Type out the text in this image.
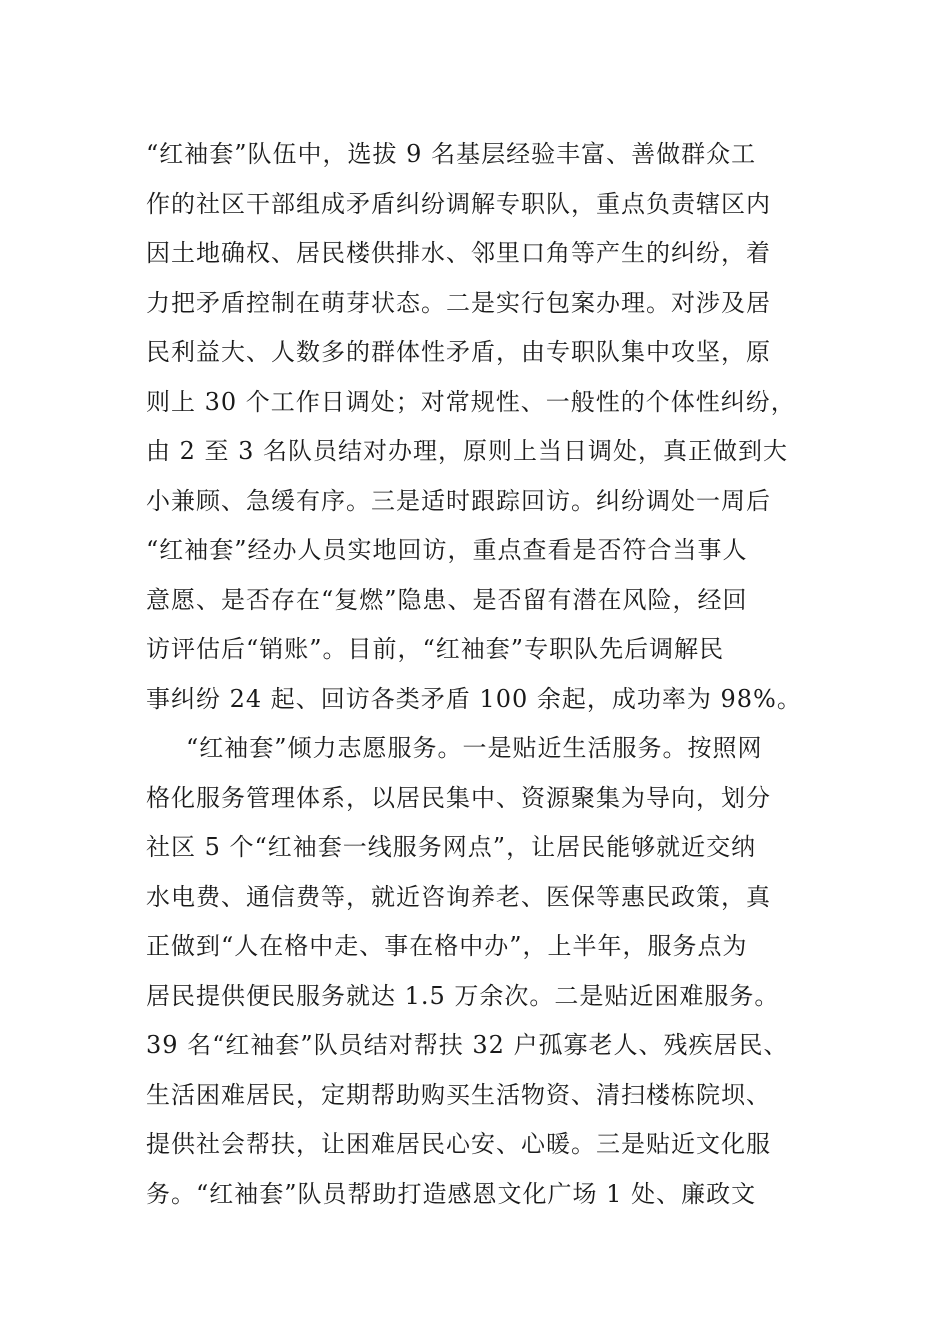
“红袖套”队伍中，选拔 9 名基层经验丰富、善做群众工
作的社区干部组成矛盾纠纷调解专职队，重点负责辖区内
因土地确权、居民楼供排水、邻里口角等产生的纠纷，着
力把矛盾控制在萌芽状态。二是实行包案办理。对涉及居
民利益大、人数多的群体性矛盾，由专职队集中攻坚，原
则上 30 个工作日调处；对常规性、一般性的个体性纠纷，
由 2 至 3 名队员结对办理，原则上当日调处，真正做到大
小兼顾、急缓有序。三是适时跟踪回访。纠纷调处一周后
“红袖套”经办人员实地回访，重点查看是否符合当事人
意愿、是否存在“复燃”隐患、是否留有潜在风险，经回
访评估后“销账”。目前，“红袖套”专职队先后调解民
事纠纷 24 起、回访各类矛盾 100 余起，成功率为 98%。
“红袖套”倾力志愿服务。一是贴近生活服务。按照网
格化服务管理体系，以居民集中、资源聚集为导向，划分
社区 5 个“红袖套一线服务网点”，让居民能够就近交纳
水电费、通信费等，就近咨询养老、医保等惠民政策，真
正做到“人在格中走、事在格中办”，上半年，服务点为
居民提供便民服务就达 1.5 万余次。二是贴近困难服务。
39 名“红袖套”队员结对帮扶 32 户孤寡老人、残疾居民、
生活困难居民，定期帮助购买生活物资、清扫楼栋院坝、
提供社会帮扶，让困难居民心安、心暖。三是贴近文化服
务。“红袖套”队员帮助打造感恩文化广场 1 处、廉政文
